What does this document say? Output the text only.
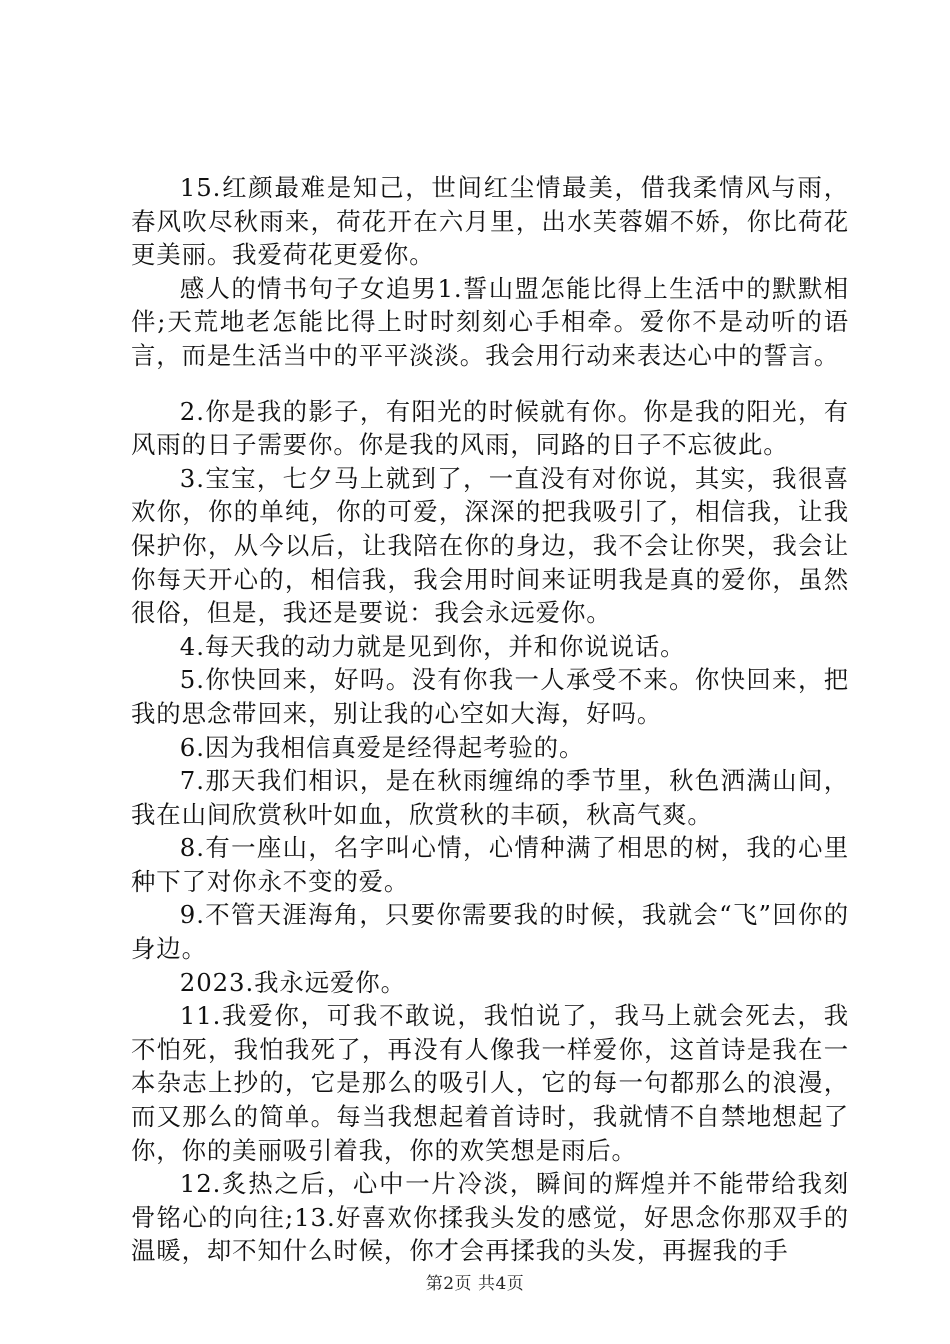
15.红颜最难是知己，世间红尘情最美，借我柔情风与雨，春风吹尽秋雨来，荷花开在六月里，出水芙蓉媚不娇，你比荷花更美丽。我爱荷花更爱你。

感人的情书句子女追男1.誓山盟怎能比得上生活中的默默相伴;天荒地老怎能比得上时时刻刻心手相牵。爱你不是动听的语言，而是生活当中的平平淡淡。我会用行动来表达心中的誓言。

2.你是我的影子，有阳光的时候就有你。你是我的阳光，有风雨的日子需要你。你是我的风雨，同路的日子不忘彼此。

3.宝宝，七夕马上就到了，一直没有对你说，其实，我很喜欢你，你的单纯，你的可爱，深深的把我吸引了，相信我，让我保护你，从今以后，让我陪在你的身边，我不会让你哭，我会让你每天开心的，相信我，我会用时间来证明我是真的爱你，虽然很俗，但是，我还是要说：我会永远爱你。

4.每天我的动力就是见到你，并和你说说话。

5.你快回来，好吗。没有你我一人承受不来。你快回来，把我的思念带回来，别让我的心空如大海，好吗。

6.因为我相信真爱是经得起考验的。

7.那天我们相识，是在秋雨缠绵的季节里，秋色洒满山间，我在山间欣赏秋叶如血，欣赏秋的丰硕，秋高气爽。

8.有一座山，名字叫心情，心情种满了相思的树，我的心里种下了对你永不变的爱。

9.不管天涯海角，只要你需要我的时候，我就会“飞”回你的身边。

2023.我永远爱你。

11.我爱你，可我不敢说，我怕说了，我马上就会死去，我不怕死，我怕我死了，再没有人像我一样爱你，这首诗是我在一本杂志上抄的，它是那么的吸引人，它的每一句都那么的浪漫，而又那么的简单。每当我想起着首诗时，我就情不自禁地想起了你，你的美丽吸引着我，你的欢笑想是雨后。

12.炙热之后，心中一片冷淡，瞬间的辉煌并不能带给我刻骨铭心的向往;13.好喜欢你揉我头发的感觉，好思念你那双手的温暖，却不知什么时候，你才会再揉我的头发，再握我的手

第2页 共4页
